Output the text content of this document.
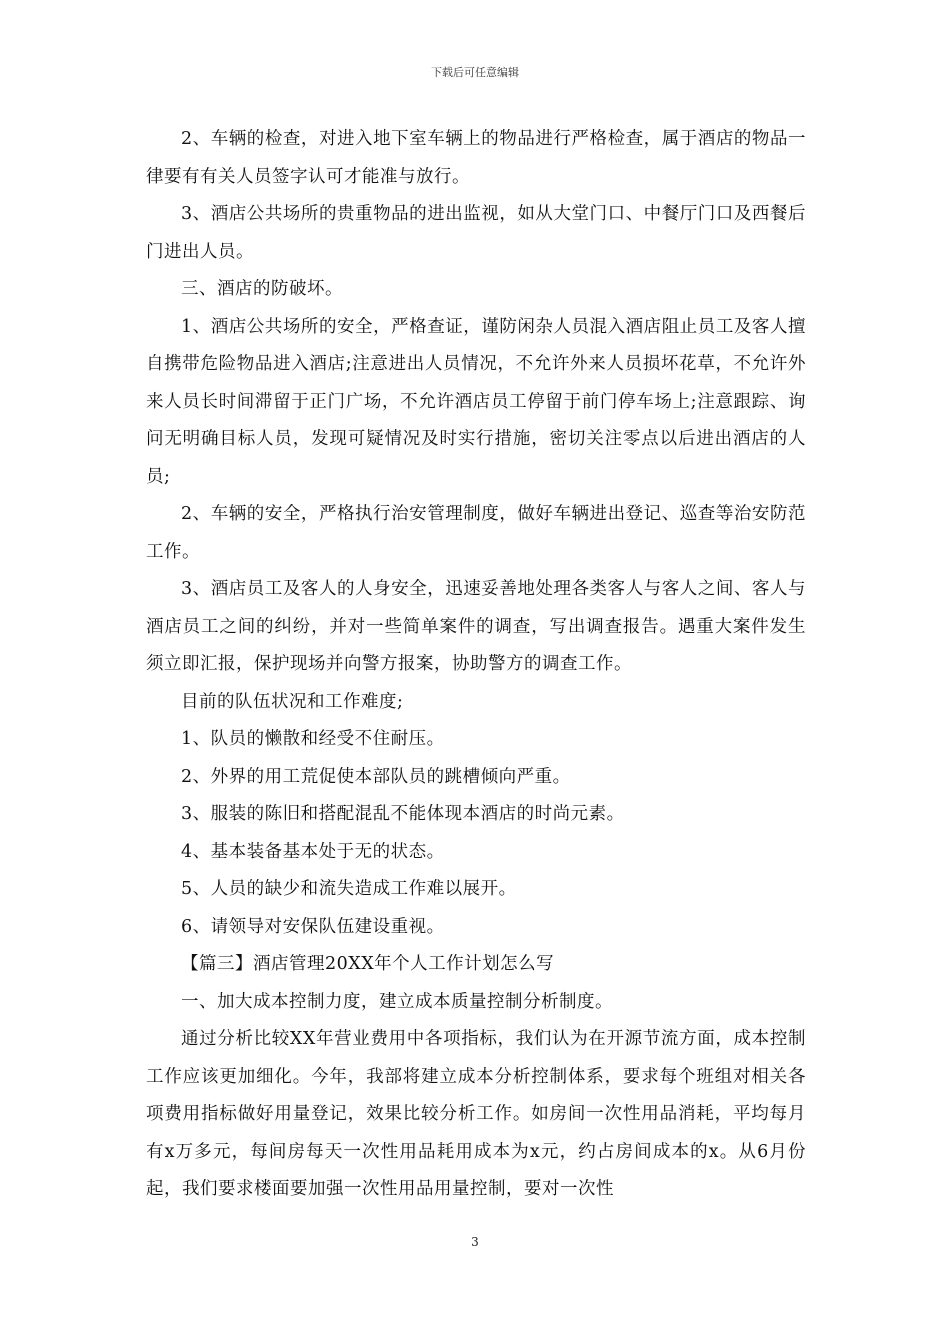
下载后可任意编辑

2、车辆的检查，对进入地下室车辆上的物品进行严格检查，属于酒店的物品一律要有有关人员签字认可才能准与放行。

3、酒店公共场所的贵重物品的进出监视，如从大堂门口、中餐厅门口及西餐后门进出人员。

三、酒店的防破坏。

1、酒店公共场所的安全，严格查证，谨防闲杂人员混入酒店阻止员工及客人擅自携带危险物品进入酒店;注意进出人员情况，不允许外来人员损坏花草，不允许外来人员长时间滞留于正门广场，不允许酒店员工停留于前门停车场上;注意跟踪、询问无明确目标人员，发现可疑情况及时实行措施，密切关注零点以后进出酒店的人员;

2、车辆的安全，严格执行治安管理制度，做好车辆进出登记、巡查等治安防范工作。

3、酒店员工及客人的人身安全，迅速妥善地处理各类客人与客人之间、客人与酒店员工之间的纠纷，并对一些简单案件的调查，写出调查报告。遇重大案件发生须立即汇报，保护现场并向警方报案，协助警方的调查工作。

目前的队伍状况和工作难度;

1、队员的懒散和经受不住耐压。

2、外界的用工荒促使本部队员的跳槽倾向严重。

3、服装的陈旧和搭配混乱不能体现本酒店的时尚元素。

4、基本装备基本处于无的状态。

5、人员的缺少和流失造成工作难以展开。

6、请领导对安保队伍建设重视。

【篇三】酒店管理20XX年个人工作计划怎么写

一、加大成本控制力度，建立成本质量控制分析制度。

通过分析比较XX年营业费用中各项指标，我们认为在开源节流方面，成本控制工作应该更加细化。今年，我部将建立成本分析控制体系，要求每个班组对相关各项费用指标做好用量登记，效果比较分析工作。如房间一次性用品消耗，平均每月有x万多元，每间房每天一次性用品耗用成本为x元，约占房间成本的x。从6月份起，我们要求楼面要加强一次性用品用量控制，要对一次性

3
